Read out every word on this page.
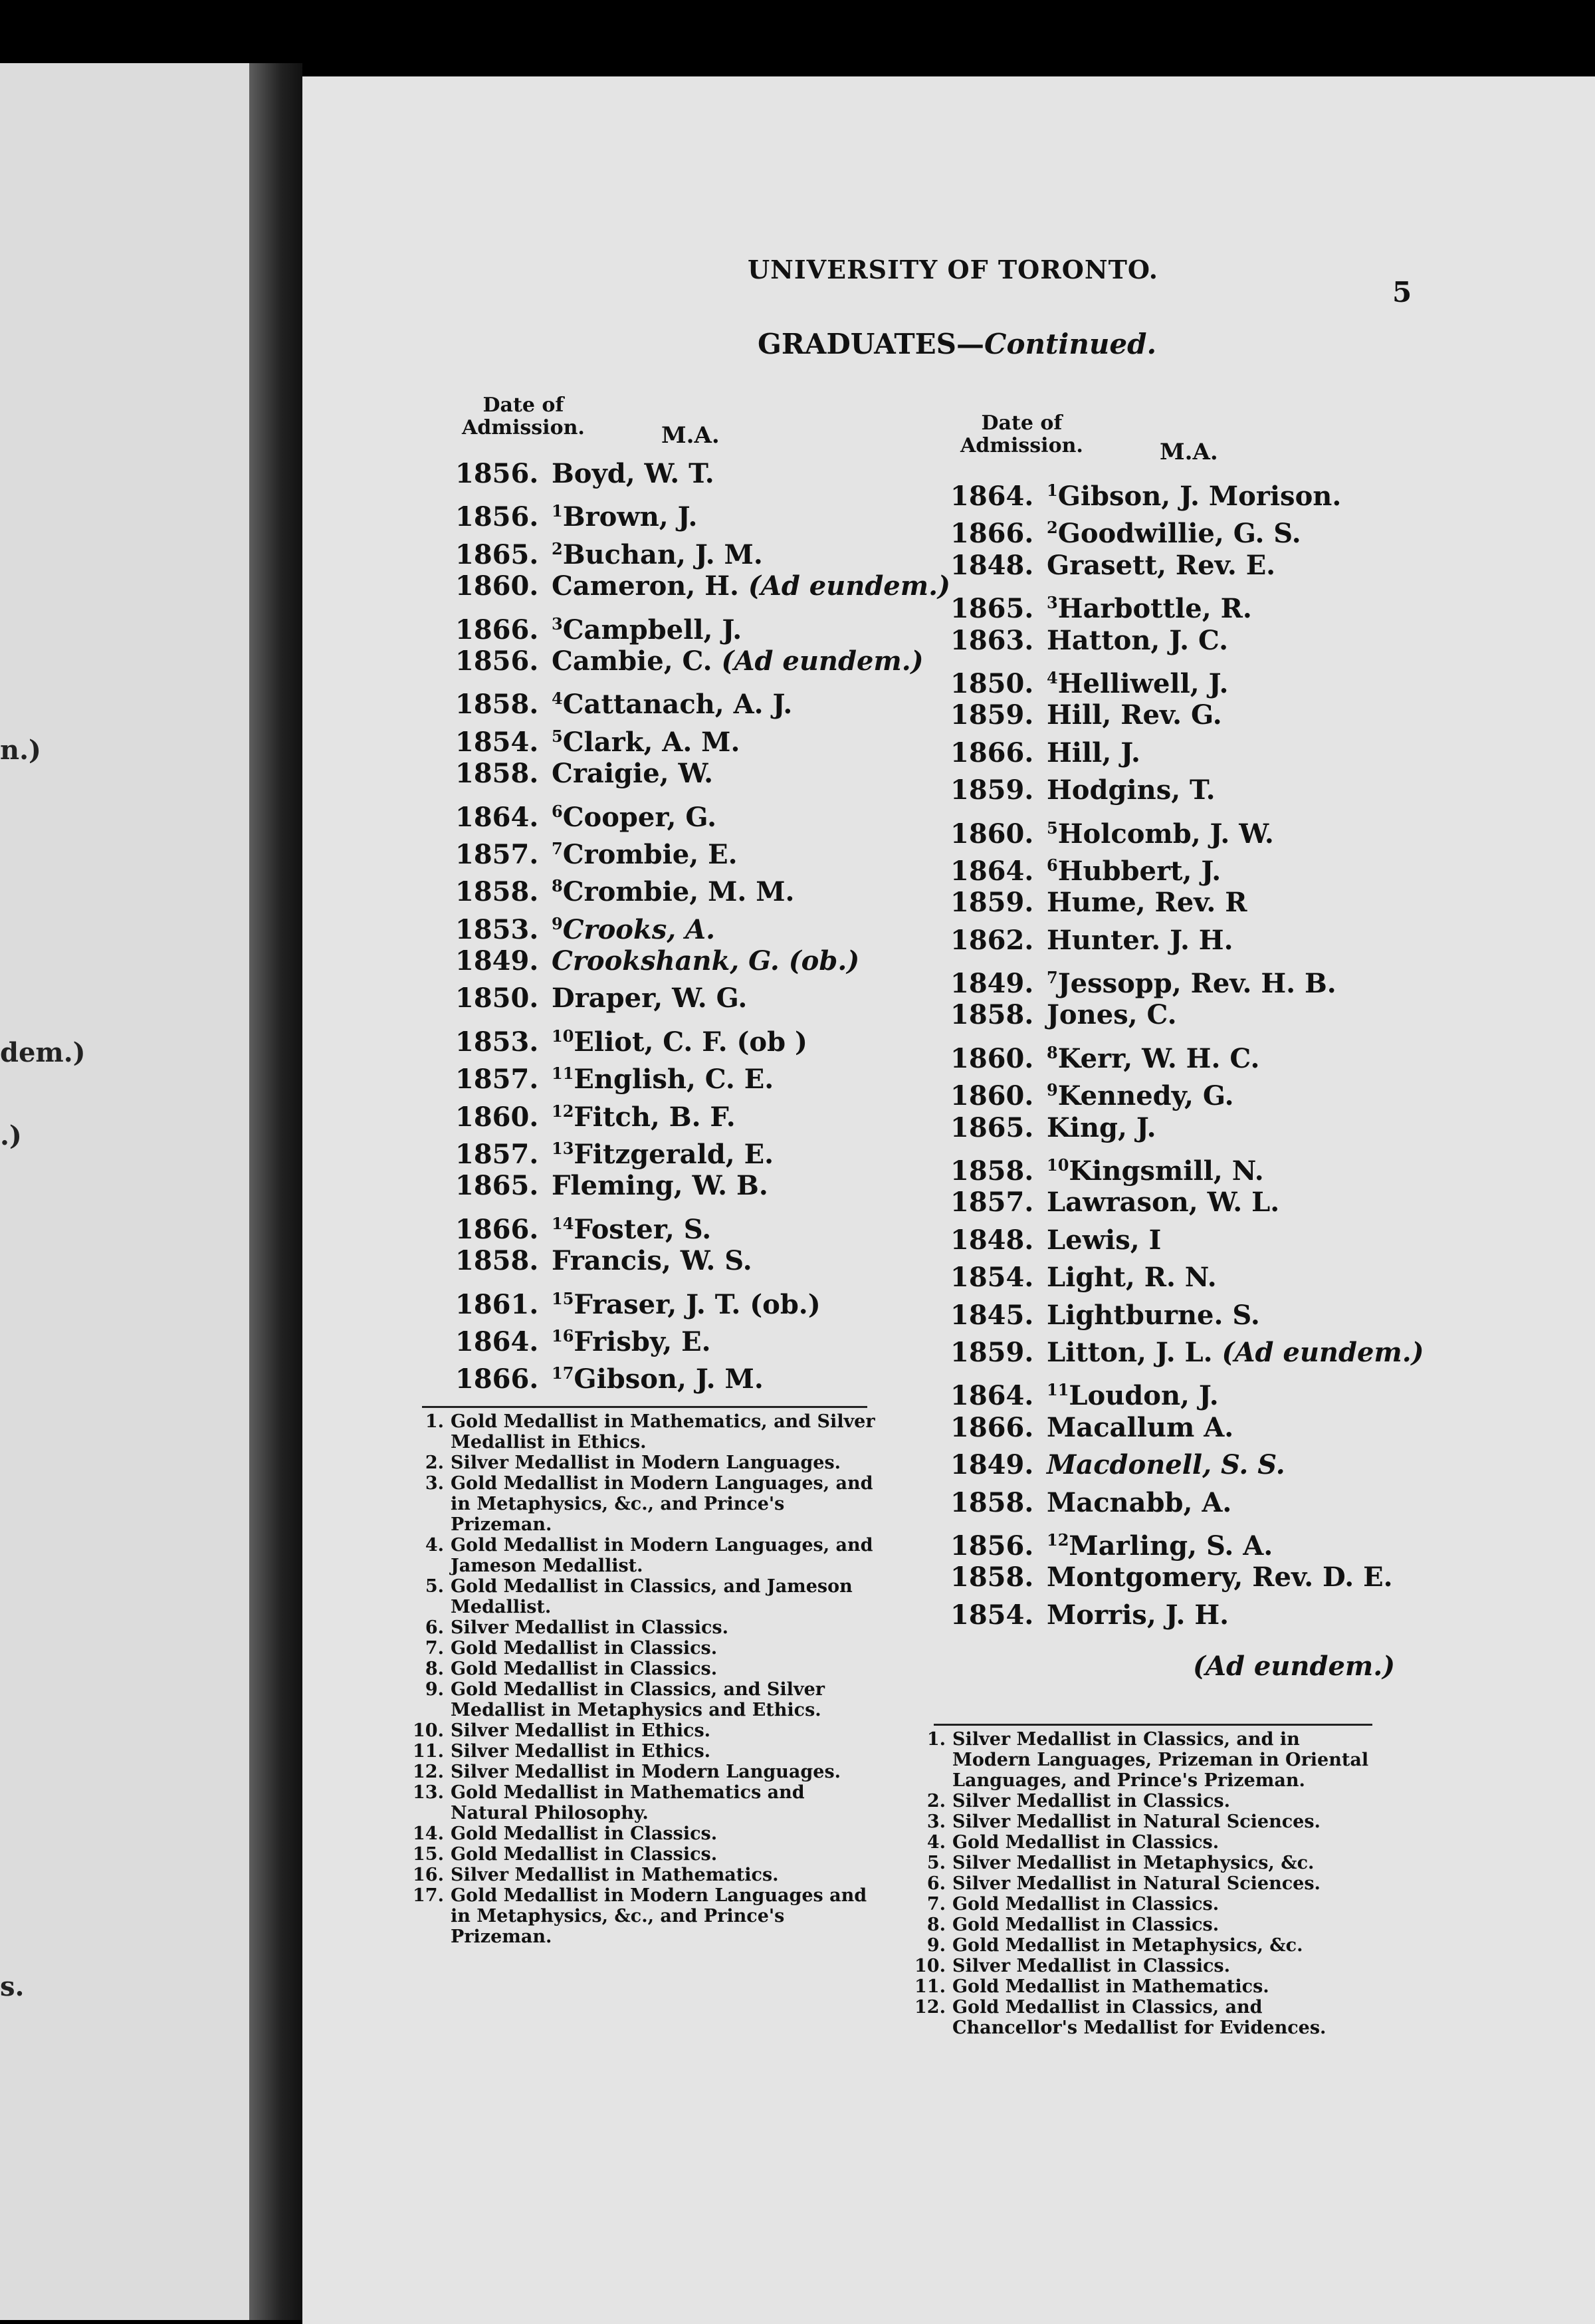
n.)
dem.)
.)
s.
UNIVERSITY OF TORONTO.
5
GRADUATES—Continued.
Date of
Admission.	M.A.	Date of
Admission.	M.A.
1856. Boyd, W. T.
1856. $^1$Brown, J.
1865. $^2$Buchan, J. M.
1860. Cameron, H. (Ad eundem.)
1866. $^3$Campbell, J.
1856. Cambie, C. (Ad eundem.)
1858. $^4$Cattanach, A. J.
1854. $^5$Clark, A. M.
1858. Craigie, W.
1864. $^6$Cooper, G.
1857. $^7$Crombie, E.
1858. $^8$Crombie, M. M.
1853. $^9$Crooks, A.
1849. Crookshank, G. (ob.)
1850. Draper, W. G.
1853. $^{10}$Eliot, C. F. (ob )
1857. $^{11}$English, C. E.
1860. $^{12}$Fitch, B. F.
1857. $^{13}$Fitzgerald, E.
1865. Fleming, W. B.
1866. $^{14}$Foster, S.
1858. Francis, W. S.
1861. $^{15}$Fraser, J. T. (ob.)
1864. $^{16}$Frisby, E.
1866. $^{17}$Gibson, J. M.
1864. $^1$Gibson, J. Morison.
1866. $^2$Goodwillie, G. S.
1848. Grasett, Rev. E.
1865. $^3$Harbottle, R.
1863. Hatton, J. C.
1850. $^4$Helliwell, J.
1859. Hill, Rev. G.
1866. Hill, J.
1859. Hodgins, T.
1860. $^5$Holcomb, J. W.
1864. $^6$Hubbert, J.
1859. Hume, Rev. R
1862. Hunter. J. H.
1849. $^7$Jessopp, Rev. H. B.
1858. Jones, C.
1860. $^8$Kerr, W. H. C.
1860. $^9$Kennedy, G.
1865. King, J.
1858. $^{10}$Kingsmill, N.
1857. Lawrason, W. L.
1848. Lewis, I
1854. Light, R. N.
1845. Lightburne. S.
1859. Litton, J. L. (Ad eundem.)
1864. $^{11}$Loudon, J.
1866. Macallum A.
1849. Macdonell, S. S.
1858. Macnabb, A.
1856. $^{12}$Marling, S. A.
1858. Montgomery, Rev. D. E.
1854. Morris, J. H.
(Ad eundem.)
1. Gold Medallist in Mathematics, and Silver Medallist in Ethics.
2. Silver Medallist in Modern Languages.
3. Gold Medallist in Modern Languages, and in Metaphysics, &c., and Prince's Prizeman.
4. Gold Medallist in Modern Languages, and Jameson Medallist.
5. Gold Medallist in Classics, and Jameson Medallist.
6. Silver Medallist in Classics.
7. Gold Medallist in Classics.
8. Gold Medallist in Classics.
9. Gold Medallist in Classics, and Silver Medallist in Metaphysics and Ethics.
10. Silver Medallist in Ethics.
11. Silver Medallist in Ethics.
12. Silver Medallist in Modern Languages.
13. Gold Medallist in Mathematics and Natural Philosophy.
14. Gold Medallist in Classics.
15. Gold Medallist in Classics.
16. Silver Medallist in Mathematics.
17. Gold Medallist in Modern Languages and in Metaphysics, &c., and Prince's Prizeman.
1. Silver Medallist in Classics, and in Modern Languages, Prizeman in Oriental Languages, and Prince's Prizeman.
2. Silver Medallist in Classics.
3. Silver Medallist in Natural Sciences.
4. Gold Medallist in Classics.
5. Silver Medallist in Metaphysics, &c.
6. Silver Medallist in Natural Sciences.
7. Gold Medallist in Classics.
8. Gold Medallist in Classics.
9. Gold Medallist in Metaphysics, &c.
10. Silver Medallist in Classics.
11. Gold Medallist in Mathematics.
12. Gold Medallist in Classics, and Chancellor's Medallist for Evidences.
